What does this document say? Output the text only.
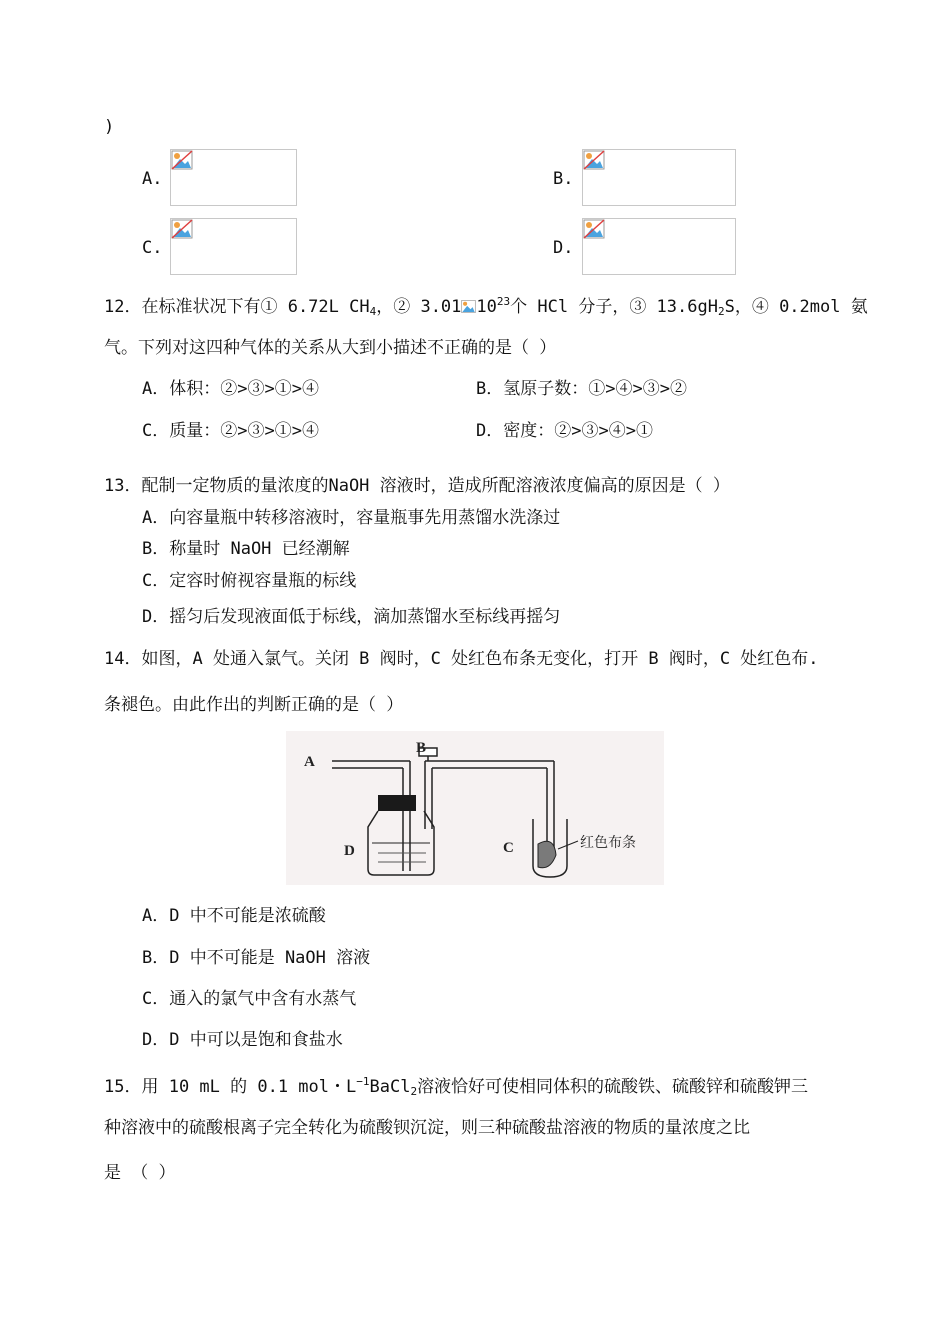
)
A.	B.
C.	D.
12．在标准状况下有① 6.72L $CH_4$，② 3.01 $10^{23}$个 HCl 分子，③ $13.6gH_2S$，④ 0.2mol 氨
气。下列对这四种气体的关系从大到小描述不正确的是（ ）
A．体积：②>③>①>④	B．氢原子数：①>④>③>②
C．质量：②>③>①>④	D．密度：②>③>④>①
13．配制一定物质的量浓度的NaOH 溶液时，造成所配溶液浓度偏高的原因是（ ）
A．向容量瓶中转移溶液时，容量瓶事先用蒸馏水洗涤过
B．称量时 NaOH 已经潮解
C．定容时俯视容量瓶的标线
D．摇匀后发现液面低于标线，滴加蒸馏水至标线再摇匀
14．如图，A 处通入氯气。关闭 B 阀时，C 处红色布条无变化，打开 B 阀时，C 处红色布.
条褪色。由此作出的判断正确的是（ ）
A
B
C
D	红色布条
A．D 中不可能是浓硫酸
B．D 中不可能是 NaOH 溶液
C．通入的氯气中含有水蒸气
D．D 中可以是饱和食盐水
15．用 10 mL 的 0.1 mol・$L^{-1}BaCl_2$溶液恰好可使相同体积的硫酸铁、硫酸锌和硫酸钾三
种溶液中的硫酸根离子完全转化为硫酸钡沉淀，则三种硫酸盐溶液的物质的量浓度之比
是 （ ）
